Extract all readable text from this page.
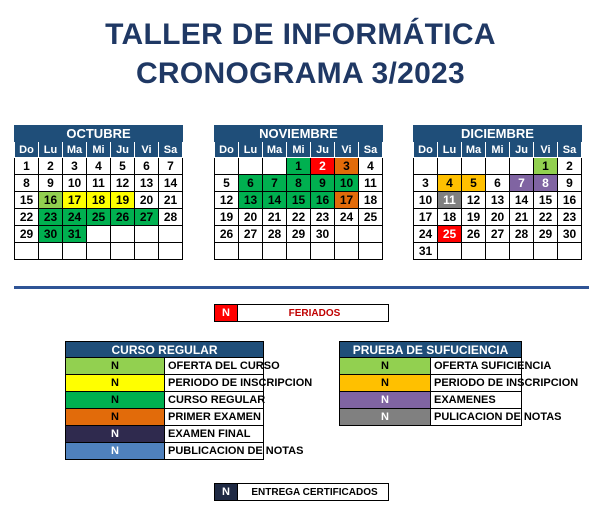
TALLER DE INFORMÁTICA
CRONOGRAMA 3/2023
OCTUBRE						
Do	Lu	Ma	Mi	Ju	Vi	Sa
1	2	3	4	5	6	7
8	9	10	11	12	13	14
15	16	17	18	19	20	21
22	23	24	25	26	27	28
29	30	31				

NOVIEMBRE						
Do	Lu	Ma	Mi	Ju	Vi	Sa
			1	2	3	4
5	6	7	8	9	10	11
12	13	14	15	16	17	18
19	20	21	22	23	24	25
26	27	28	29	30		

DICIEMBRE						
Do	Lu	Ma	Mi	Ju	Vi	Sa
					1	2
3	4	5	6	7	8	9
10	11	12	13	14	15	16
17	18	19	20	21	22	23
24	25	26	27	28	29	30
31						
N	FERIADOS
CURSO REGULAR	
N	OFERTA DEL CURSO
N	PERIODO DE INSCRIPCION
N	CURSO REGULAR
N	PRIMER EXAMEN
N	EXAMEN FINAL
N	PUBLICACION DE NOTAS
PRUEBA DE SUFUCIENCIA	
N	OFERTA SUFICIENCIA
N	PERIODO DE INSCRIPCION
N	EXAMENES
N	PULICACION DE NOTAS
N	ENTREGA CERTIFICADOS
